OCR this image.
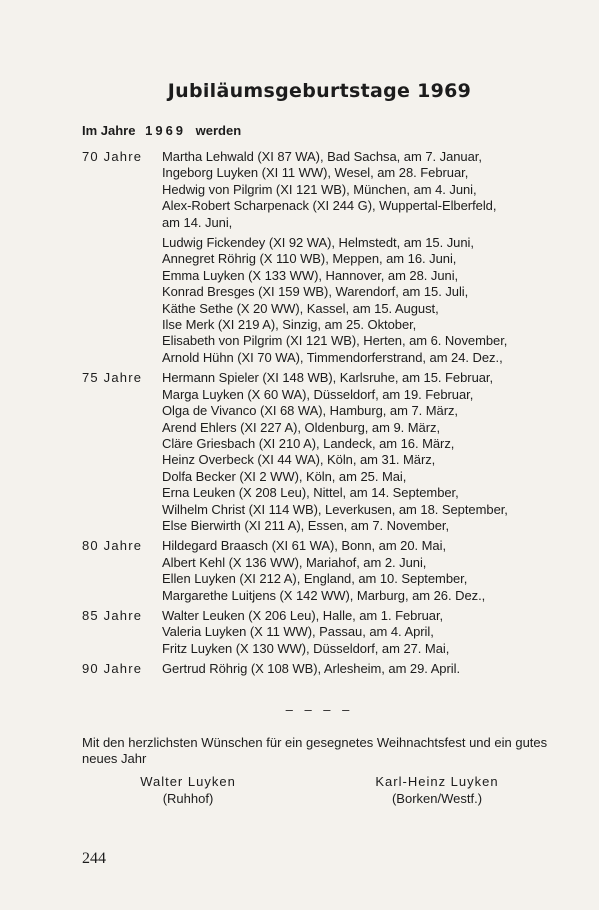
Jubiläumsgeburtstage 1969
Im Jahre 1969 werden
70 Jahre Martha Lehwald (XI 87 WA), Bad Sachsa, am 7. Januar,
Ingeborg Luyken (XI 11 WW), Wesel, am 28. Februar,
Hedwig von Pilgrim (XI 121 WB), München, am 4. Juni,
Alex-Robert Scharpenack (XI 244 G), Wuppertal-Elberfeld,
am 14. Juni,
Ludwig Fickendey (XI 92 WA), Helmstedt, am 15. Juni,
Annegret Röhrig (X 110 WB), Meppen, am 16. Juni,
Emma Luyken (X 133 WW), Hannover, am 28. Juni,
Konrad Bresges (XI 159 WB), Warendorf, am 15. Juli,
Käthe Sethe (X 20 WW), Kassel, am 15. August,
Ilse Merk (XI 219 A), Sinzig, am 25. Oktober,
Elisabeth von Pilgrim (XI 121 WB), Herten, am 6. November,
Arnold Hühn (XI 70 WA), Timmendorferstrand, am 24. Dez.,
75 Jahre Hermann Spieler (XI 148 WB), Karlsruhe, am 15. Februar,
Marga Luyken (X 60 WA), Düsseldorf, am 19. Februar,
Olga de Vivanco (XI 68 WA), Hamburg, am 7. März,
Arend Ehlers (XI 227 A), Oldenburg, am 9. März,
Cläre Griesbach (XI 210 A), Landeck, am 16. März,
Heinz Overbeck (XI 44 WA), Köln, am 31. März,
Dolfa Becker (XI 2 WW), Köln, am 25. Mai,
Erna Leuken (X 208 Leu), Nittel, am 14. September,
Wilhelm Christ (XI 114 WB), Leverkusen, am 18. September,
Else Bierwirth (XI 211 A), Essen, am 7. November,
80 Jahre Hildegard Braasch (XI 61 WA), Bonn, am 20. Mai,
Albert Kehl (X 136 WW), Mariahof, am 2. Juni,
Ellen Luyken (XI 212 A), England, am 10. September,
Margarethe Luitjens (X 142 WW), Marburg, am 26. Dez.,
85 Jahre Walter Leuken (X 206 Leu), Halle, am 1. Februar,
Valeria Luyken (X 11 WW), Passau, am 4. April,
Fritz Luyken (X 130 WW), Düsseldorf, am 27. Mai,
90 Jahre Gertrud Röhrig (X 108 WB), Arlesheim, am 29. April.
– – – –
Mit den herzlichsten Wünschen für ein gesegnetes Weihnachtsfest und ein gutes neues Jahr
Walter Luyken
(Ruhhof)
Karl-Heinz Luyken
(Borken/Westf.)
244
